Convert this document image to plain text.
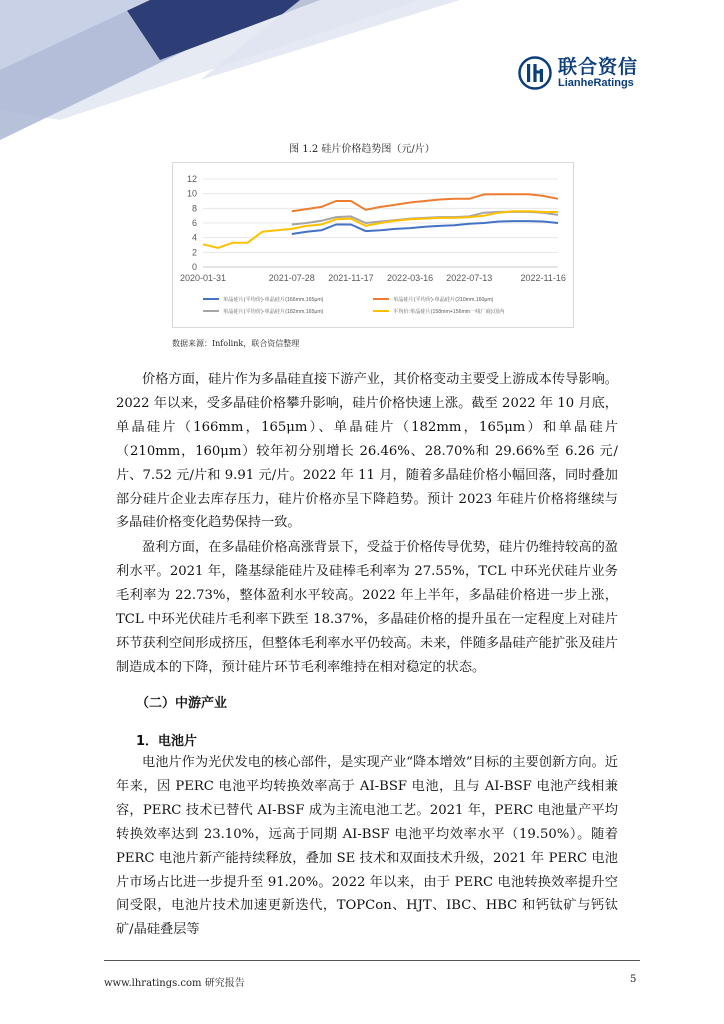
联合资信
LianheRatings
图 1.2 硅片价格趋势图（元/片）
0
2
4
6
8
10
12
2020-01-31	2021-07-28 2021-11-17 2022-03-16 2022-07-13	2022-11-16
单晶硅片(平均价)-单晶硅片(166mm,165μm)	单晶硅片(平均价)-单晶硅片(210mm,160μm)
单晶硅片(平均价)-单晶硅片(182mm,165μm)	平均价:单晶硅片(158mm+156mm一线厂商):国内
数据来源：Infolink，联合资信整理

价格方面，硅片作为多晶硅直接下游产业，其价格变动主要受上游成本传导影响。2022 年以来，受多晶硅价格攀升影响，硅片价格快速上涨。截至 2022 年 10 月底，单晶硅片（166mm，165μm）、单晶硅片（182mm，165μm）和单晶硅片（210mm，160μm）较年初分别增长 26.46%、28.70%和 29.66%至 6.26 元/片、7.52 元/片和 9.91 元/片。2022 年 11 月，随着多晶硅价格小幅回落，同时叠加部分硅片企业去库存压力，硅片价格亦呈下降趋势。预计 2023 年硅片价格将继续与多晶硅价格变化趋势保持一致。

盈利方面，在多晶硅价格高涨背景下，受益于价格传导优势，硅片仍维持较高的盈利水平。2021 年，隆基绿能硅片及硅棒毛利率为 27.55%，TCL 中环光伏硅片业务毛利率为 22.73%，整体盈利水平较高。2022 年上半年，多晶硅价格进一步上涨，TCL 中环光伏硅片毛利率下跌至 18.37%，多晶硅价格的提升虽在一定程度上对硅片环节获利空间形成挤压，但整体毛利率水平仍较高。未来，伴随多晶硅产能扩张及硅片制造成本的下降，预计硅片环节毛利率维持在相对稳定的状态。

（二）中游产业
1．电池片

电池片作为光伏发电的核心部件，是实现产业“降本增效”目标的主要创新方向。近年来，因 PERC 电池平均转换效率高于 AI-BSF 电池，且与 AI-BSF 电池产线相兼容，PERC 技术已替代 AI-BSF 成为主流电池工艺。2021 年，PERC 电池量产平均转换效率达到 23.10%，远高于同期 AI-BSF 电池平均效率水平（19.50%）。随着 PERC 电池片新产能持续释放，叠加 SE 技术和双面技术升级，2021 年 PERC 电池片市场占比进一步提升至 91.20%。2022 年以来，由于 PERC 电池转换效率提升空间受限，电池片技术加速更新迭代，TOPCon、HJT、IBC、HBC 和钙钛矿与钙钛矿/晶硅叠层等

www.lhratings.com 研究报告	5
